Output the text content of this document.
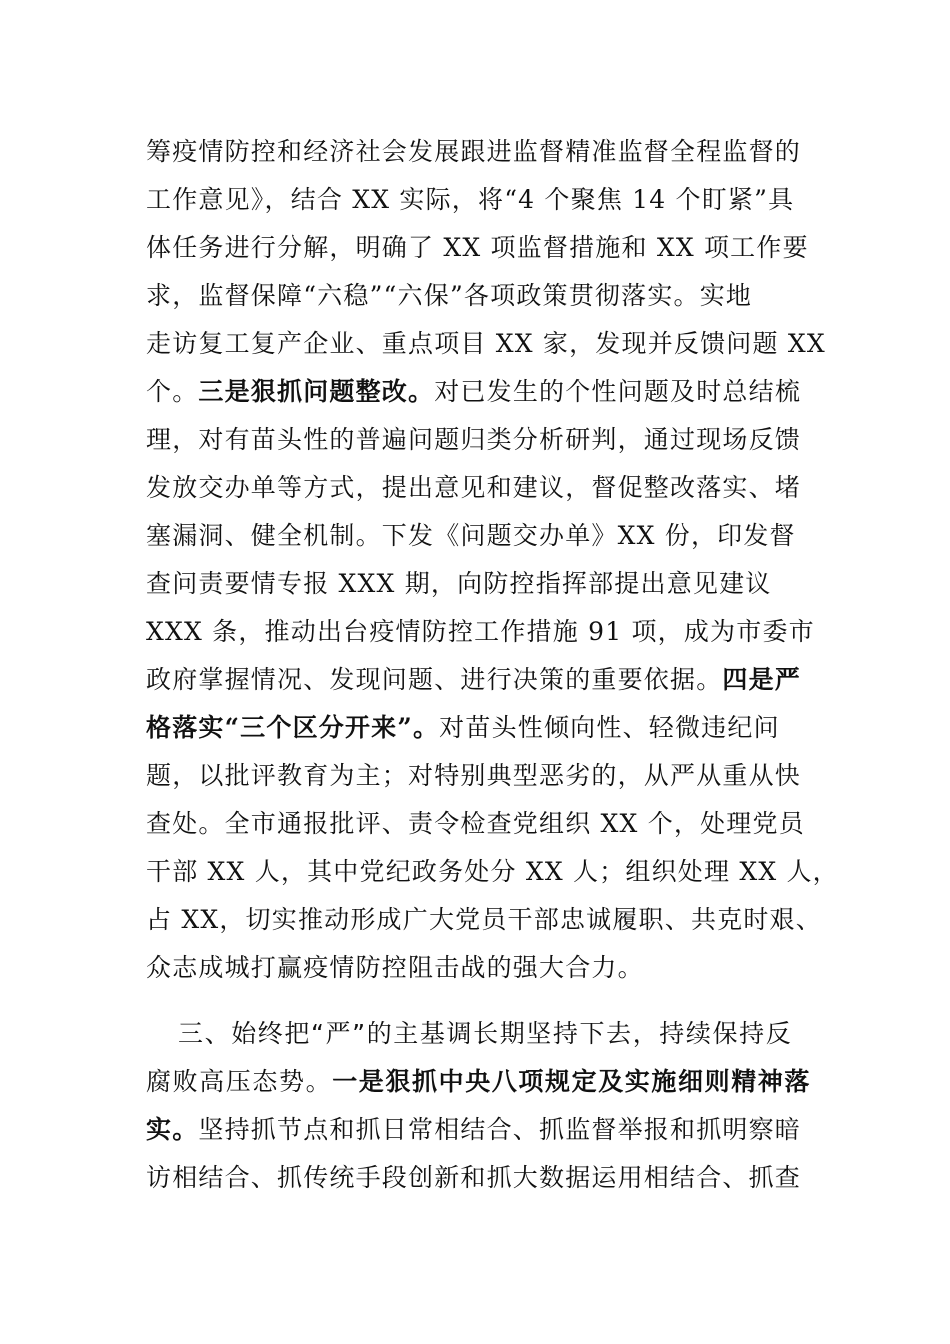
筹疫情防控和经济社会发展跟进监督精准监督全程监督的
工作意见》，结合 XX 实际，将“4 个聚焦 14 个盯紧”具
体任务进行分解，明确了 XX 项监督措施和 XX 项工作要
求，监督保障“六稳”“六保”各项政策贯彻落实。实地
走访复工复产企业、重点项目 XX 家，发现并反馈问题 XX
个。三是狠抓问题整改。对已发生的个性问题及时总结梳
理，对有苗头性的普遍问题归类分析研判，通过现场反馈
发放交办单等方式，提出意见和建议，督促整改落实、堵
塞漏洞、健全机制。下发《问题交办单》XX 份，印发督
查问责要情专报 XXX 期，向防控指挥部提出意见建议
XXX 条，推动出台疫情防控工作措施 91 项，成为市委市
政府掌握情况、发现问题、进行决策的重要依据。四是严
格落实“三个区分开来”。对苗头性倾向性、轻微违纪问
题，以批评教育为主；对特别典型恶劣的，从严从重从快
查处。全市通报批评、责令检查党组织 XX 个，处理党员
干部 XX 人，其中党纪政务处分 XX 人；组织处理 XX 人，
占 XX，切实推动形成广大党员干部忠诚履职、共克时艰、
众志成城打赢疫情防控阻击战的强大合力。
三、始终把“严”的主基调长期坚持下去，持续保持反
腐败高压态势。一是狠抓中央八项规定及实施细则精神落
实。坚持抓节点和抓日常相结合、抓监督举报和抓明察暗
访相结合、抓传统手段创新和抓大数据运用相结合、抓查
